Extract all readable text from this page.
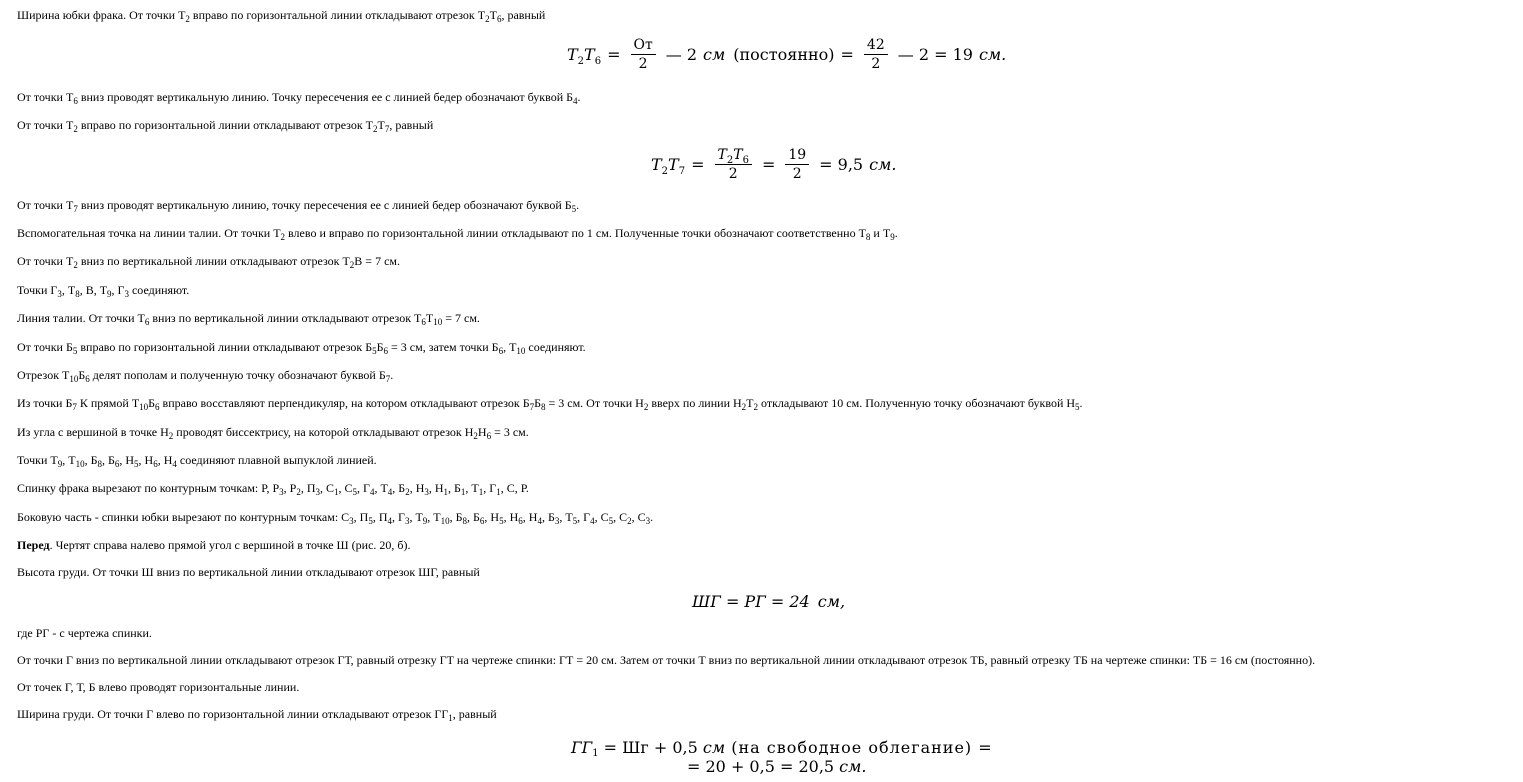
Ширина юбки фрака. От точки $Т_2$ вправо по горизонтальной линии откладывают отрезок $Т_2Т_6$, равный
$T_2T_6 = \frac{От}{2}$ — 2 см (постоянно) = $\frac{42}{2}$ — 2 = 19 см.
От точки $Т_6$ вниз проводят вертикальную линию. Точку пересечения ее с линией бедер обозначают буквой $Б_4$.
От точки $Т_2$ вправо по горизонтальной линии откладывают отрезок $Т_2Т_7$, равный
$T_2T_7 = \frac{T_2T_6}{2} = \frac{19}{2} = 9,5$ см.
От точки $Т_7$ вниз проводят вертикальную линию, точку пересечения ее с линией бедер обозначают буквой $Б_5$.
Вспомогательная точка на линии талии. От точки $Т_2$ влево и вправо по горизонтальной линии откладывают по 1 см. Полученные точки обозначают соответственно $Т_8$ и $Т_9$.
От точки $Т_2$ вниз по вертикальной линии откладывают отрезок $Т_2В = 7$ см.
Точки $Г_3$, $Т_8$, В, $Т_9$, $Г_3$ соединяют.
Линия талии. От точки $Т_6$ вниз по вертикальной линии откладывают отрезок $Т_6Т_{10} = 7$ см.
От точки $Б_5$ вправо по горизонтальной линии откладывают отрезок $Б_5Б_6 = 3$ см, затем точки $Б_6$, $Т_{10}$ соединяют.
Отрезок $Т_{10}Б_6$ делят пополам и полученную точку обозначают буквой $Б_7$.
Из точки $Б_7$ К прямой $Т_{10}Б_6$ вправо восставляют перпендикуляр, на котором откладывают отрезок $Б_7Б_8 = 3$ см. От точки $Н_2$ вверх по линии $Н_2Т_2$ откладывают 10 см. Полученную точку обозначают буквой $Н_5$.
Из угла с вершиной в точке $Н_2$ проводят биссектрису, на которой откладывают отрезок $Н_2Н_6 = 3$ см.
Точки $Т_9$, $Т_{10}$, $Б_8$, $Б_6$, $Н_5$, $Н_6$, $Н_4$ соединяют плавной выпуклой линией.
Спинку фрака вырезают по контурным точкам: Р, $Р_3$, $Р_2$, $П_3$, $С_1$, $С_5$, $Г_4$, $Т_4$, $Б_2$, $Н_3$, $Н_1$, $Б_1$, $Т_1$, $Г_1$, С, Р.
Боковую часть - спинки юбки вырезают по контурным точкам: $С_3$, $П_5$, $П_4$, $Г_3$, $Т_9$, $Т_{10}$, $Б_8$, $Б_6$, $Н_5$, $Н_6$, $Н_4$, $Б_3$, $Т_5$, $Г_4$, $С_5$, $С_2$, $С_3$.
Перед. Чертят справа налево прямой угол с вершиной в точке Ш (рис. 20, б).
Высота груди. От точки Ш вниз по вертикальной линии откладывают отрезок ШГ, равный
ШГ = РГ = 24 см,
где РГ - с чертежа спинки.
От точки Г вниз по вертикальной линии откладывают отрезок ГТ, равный отрезку ГТ на чертеже спинки: ГТ = 20 см. Затем от точки Т вниз по вертикальной линии откладывают отрезок ТБ, равный отрезку ТБ на чертеже спинки: ТБ = 16 см (постоянно).
От точек Г, Т, Б влево проводят горизонтальные линии.
Ширина груди. От точки Г влево по горизонтальной линии откладывают отрезок $ГГ_1$, равный
$ГГ_1$ = Шг + 0,5 см (на свободное облегание) =
= 20 + 0,5 = 20,5 см.
